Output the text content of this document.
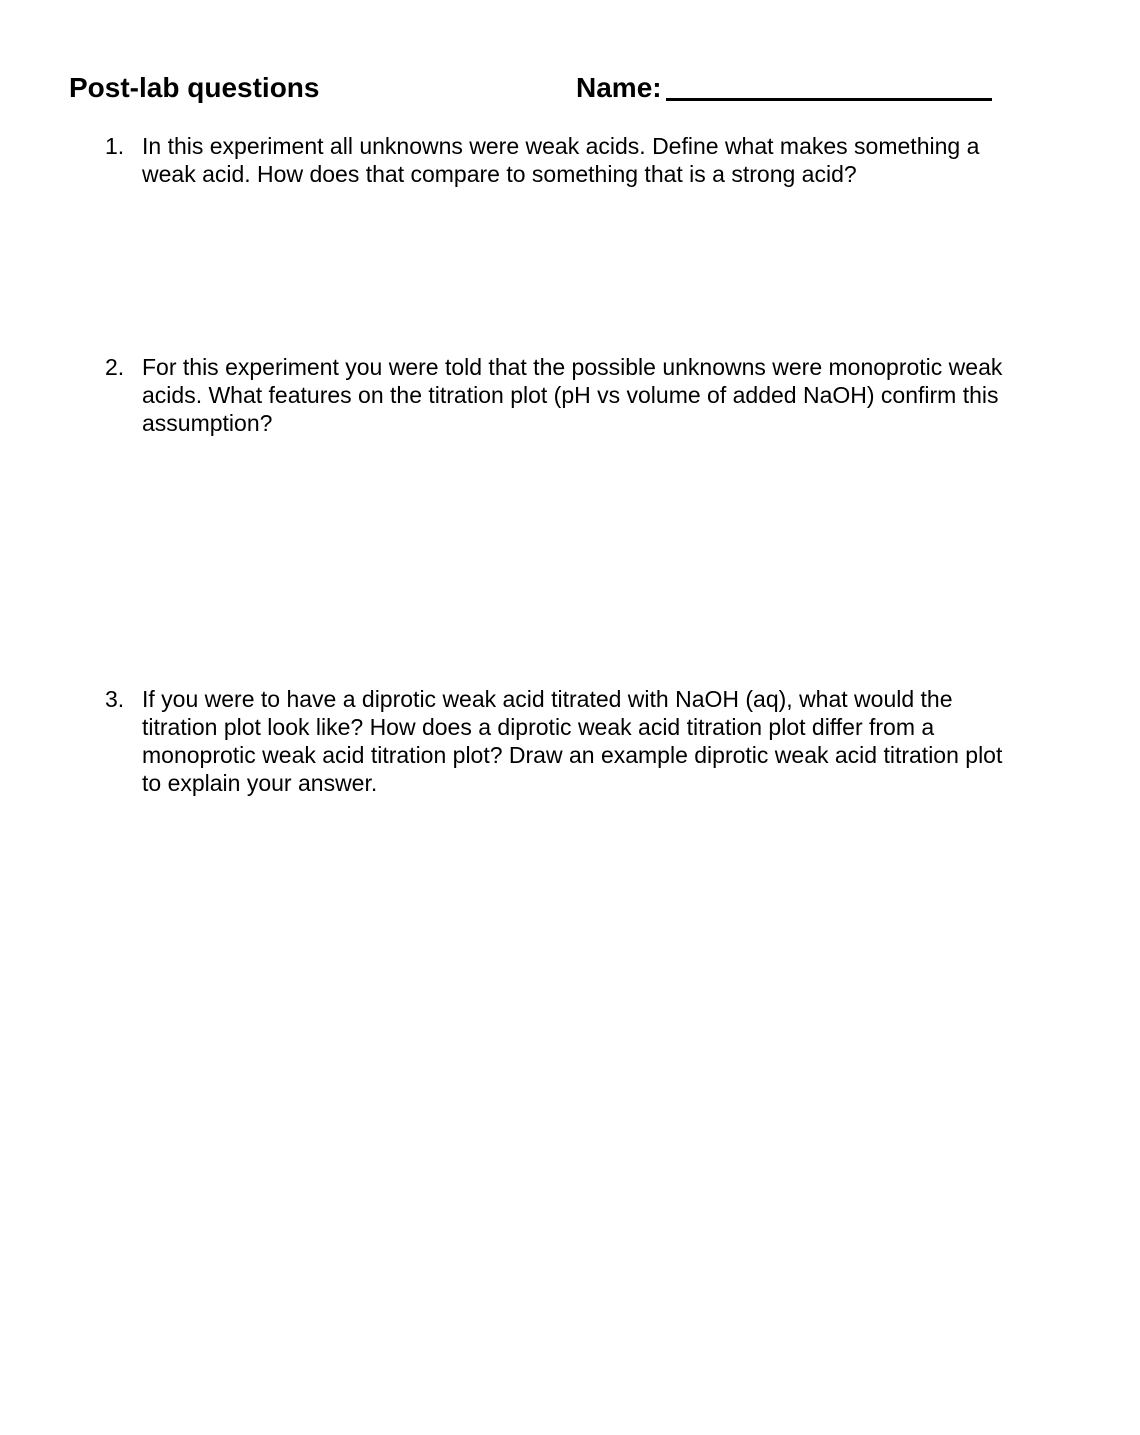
Post-lab questions	Name:
1. In this experiment all unknowns were weak acids. Define what makes something a weak acid. How does that compare to something that is a strong acid?
2. For this experiment you were told that the possible unknowns were monoprotic weak acids. What features on the titration plot (pH vs volume of added NaOH) confirm this assumption?
3. If you were to have a diprotic weak acid titrated with NaOH (aq), what would the titration plot look like? How does a diprotic weak acid titration plot differ from a monoprotic weak acid titration plot? Draw an example diprotic weak acid titration plot to explain your answer.
